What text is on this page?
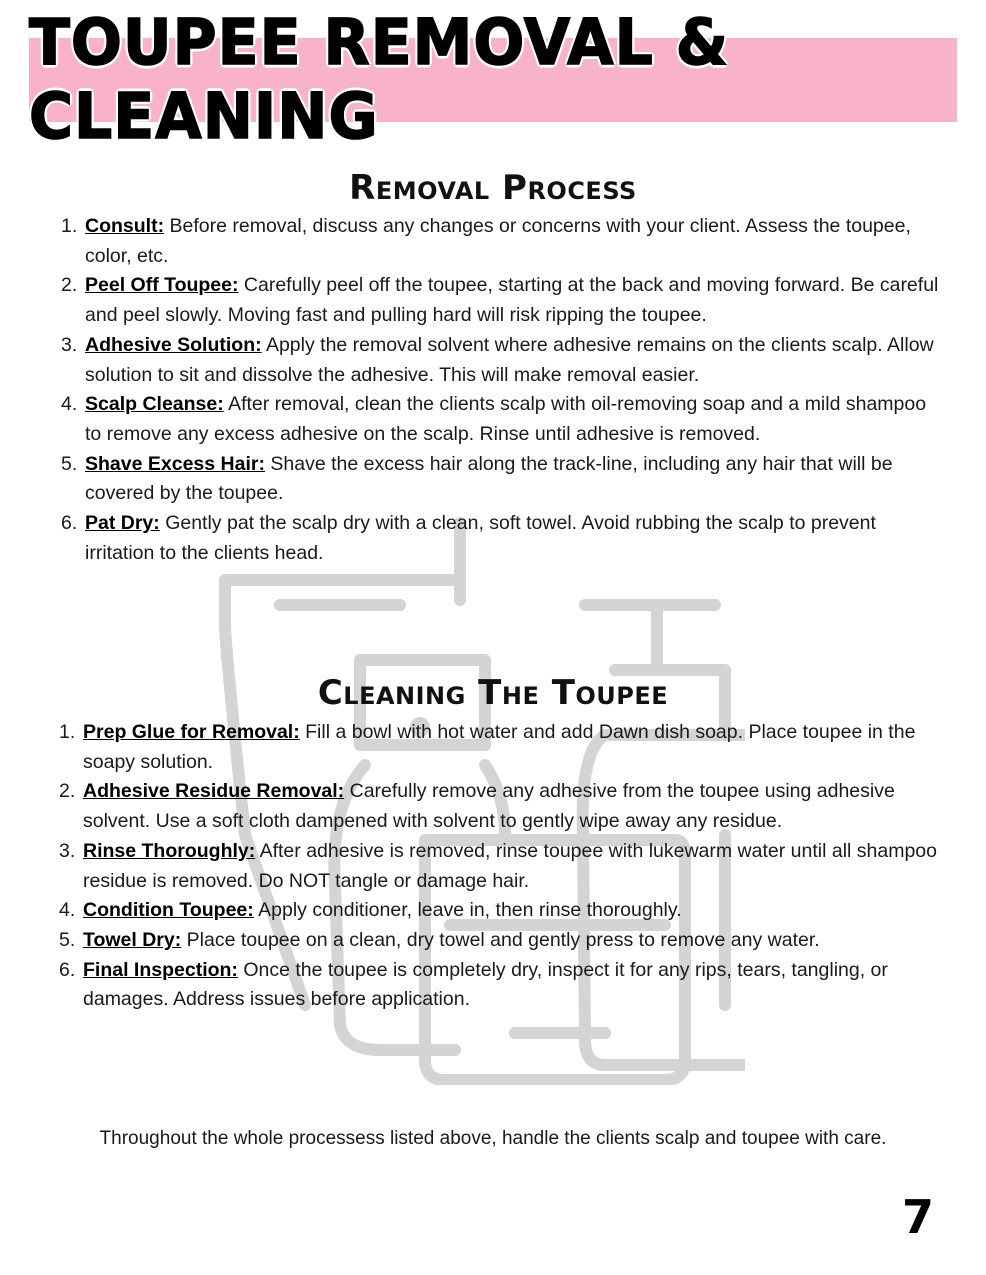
TOUPEE REMOVAL & CLEANING
Removal Process
1. Consult: Before removal, discuss any changes or concerns with your client. Assess the toupee, color, etc.
2. Peel Off Toupee: Carefully peel off the toupee, starting at the back and moving forward. Be careful and peel slowly. Moving fast and pulling hard will risk ripping the toupee.
3. Adhesive Solution: Apply the removal solvent where adhesive remains on the clients scalp. Allow solution to sit and dissolve the adhesive. This will make removal easier.
4. Scalp Cleanse: After removal, clean the clients scalp with oil-removing soap and a mild shampoo to remove any excess adhesive on the scalp. Rinse until adhesive is removed.
5. Shave Excess Hair: Shave the excess hair along the track-line, including any hair that will be covered by the toupee.
6. Pat Dry: Gently pat the scalp dry with a clean, soft towel. Avoid rubbing the scalp to prevent irritation to the clients head.
Cleaning The Toupee
1. Prep Glue for Removal: Fill a bowl with hot water and add Dawn dish soap. Place toupee in the soapy solution.
2. Adhesive Residue Removal: Carefully remove any adhesive from the toupee using adhesive solvent. Use a soft cloth dampened with solvent to gently wipe away any residue.
3. Rinse Thoroughly: After adhesive is removed, rinse toupee with lukewarm water until all shampoo residue is removed. Do NOT tangle or damage hair.
4. Condition Toupee: Apply conditioner, leave in, then rinse thoroughly.
5. Towel Dry: Place toupee on a clean, dry towel and gently press to remove any water.
6. Final Inspection: Once the toupee is completely dry, inspect it for any rips, tears, tangling, or damages. Address issues before application.
Throughout the whole processess listed above, handle the clients scalp and toupee with care.
7
